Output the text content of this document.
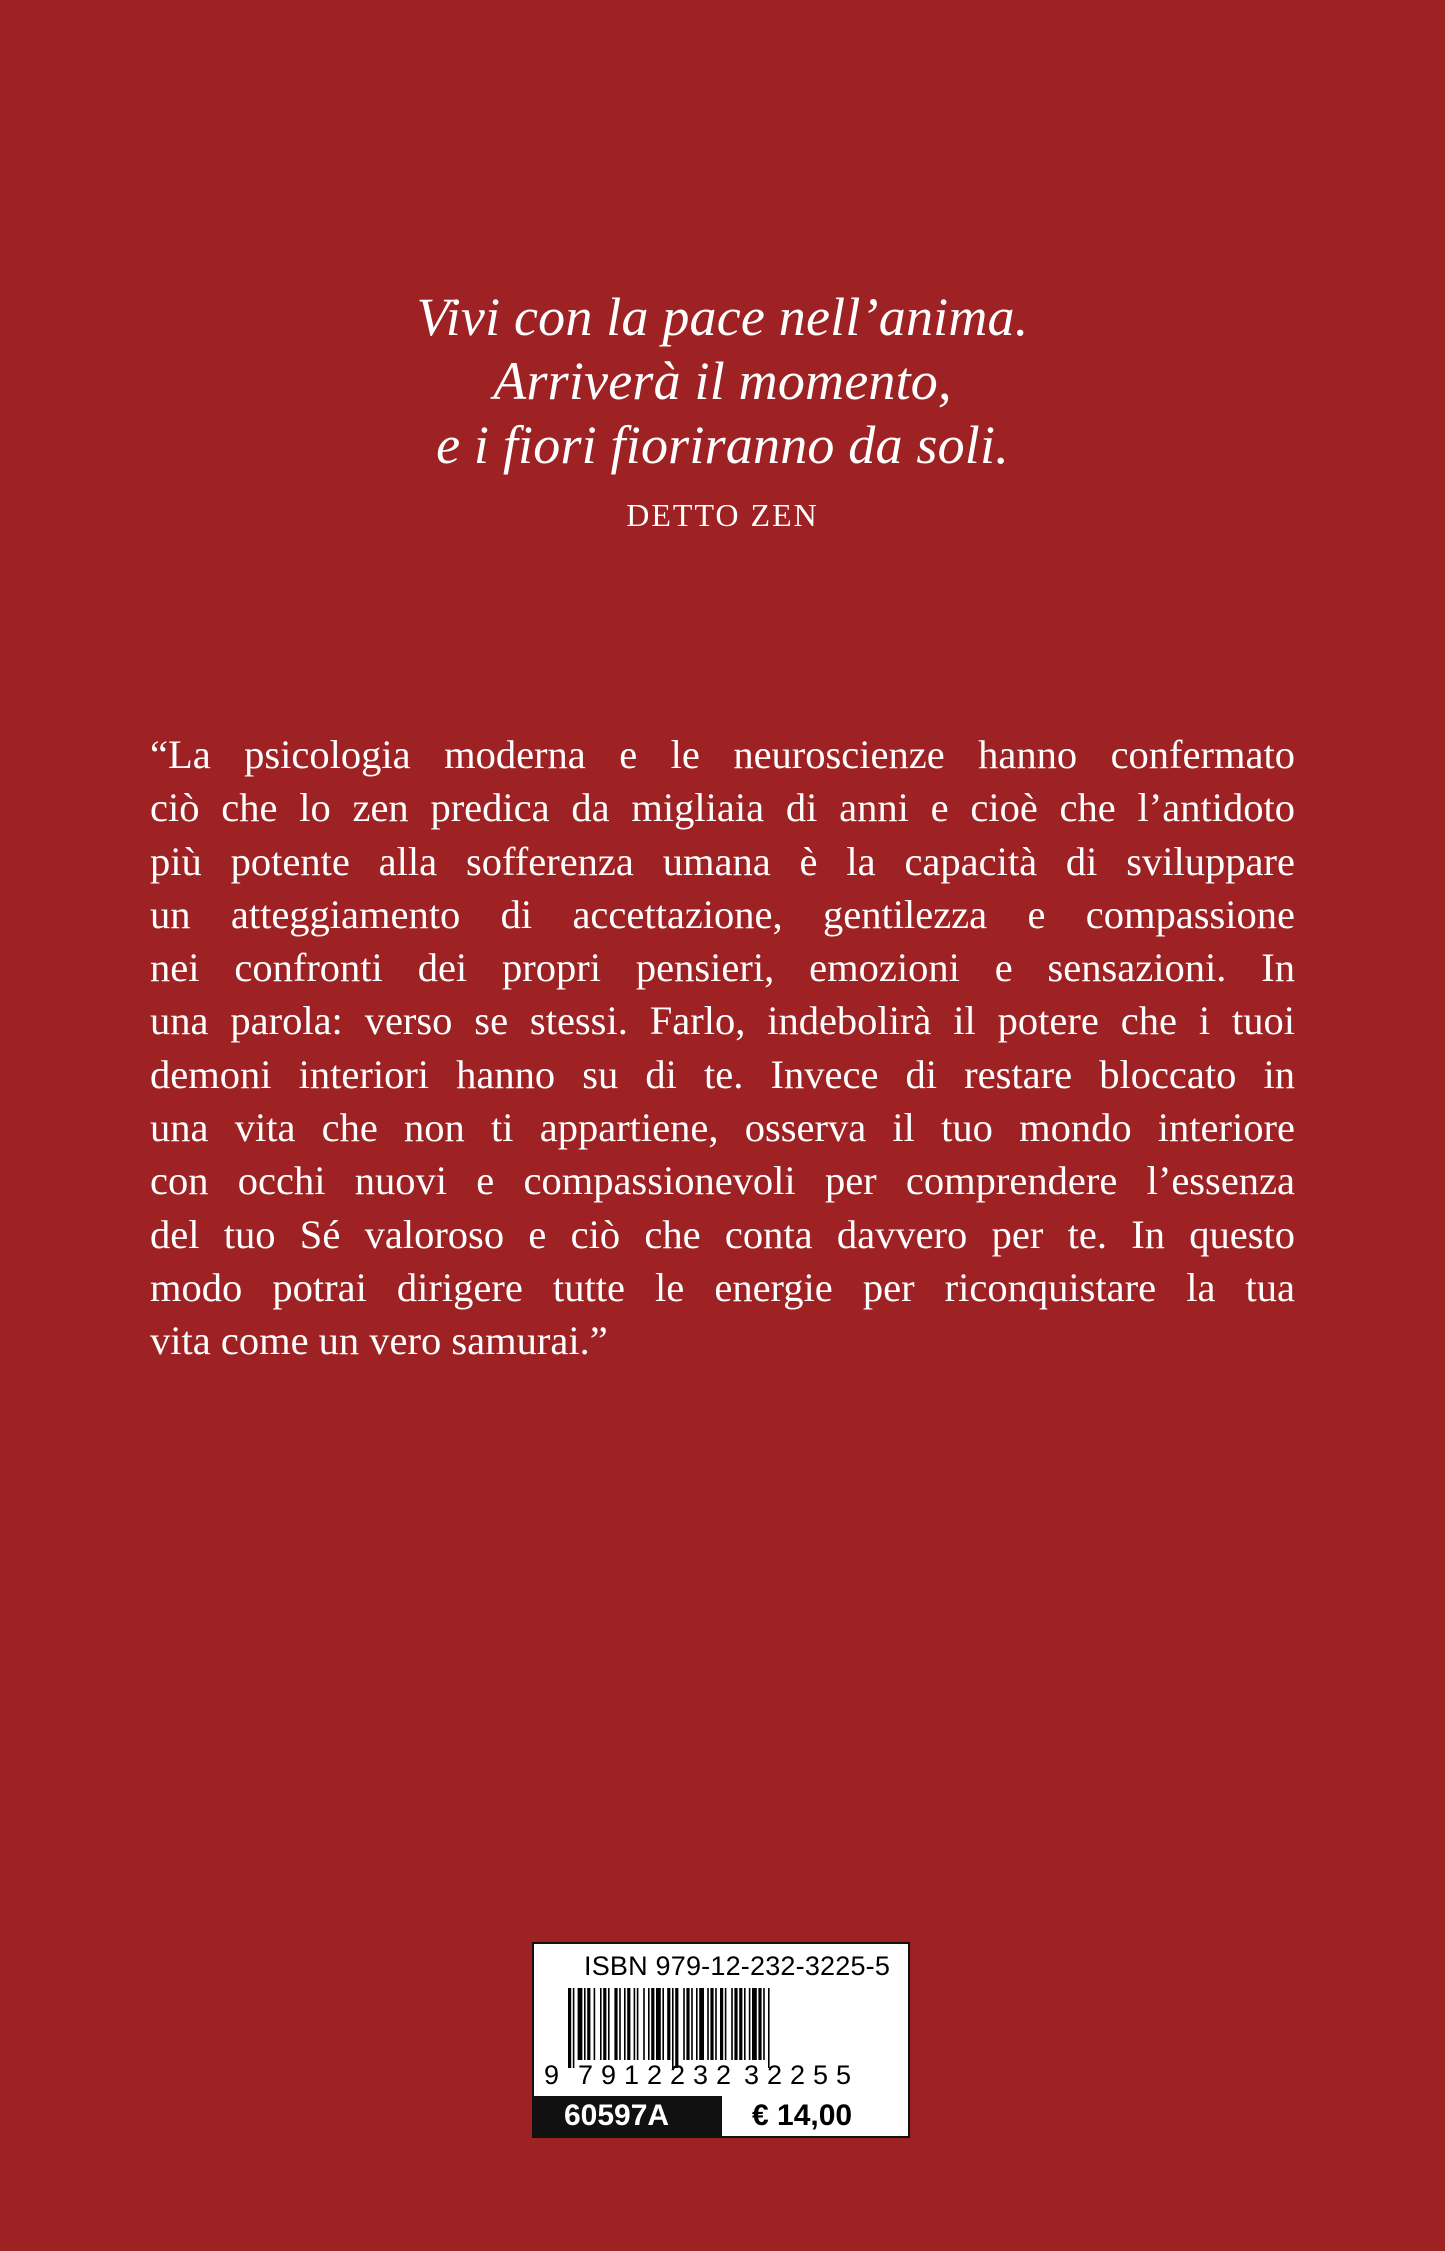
Vivi con la pace nell’anima.
Arriverà il momento,
e i fiori fioriranno da soli.
DETTO ZEN
“La psicologia moderna e le neuroscienze hanno confermato
ciò che lo zen predica da migliaia di anni e cioè che l’antidoto
più potente alla sofferenza umana è la capacità di sviluppare
un atteggiamento di accettazione, gentilezza e compassione
nei confronti dei propri pensieri, emozioni e sensazioni. In
una parola: verso se stessi. Farlo, indebolirà il potere che i tuoi
demoni interiori hanno su di te. Invece di restare bloccato in
una vita che non ti appartiene, osserva il tuo mondo interiore
con occhi nuovi e compassionevoli per comprendere l’essenza
del tuo Sé valoroso e ciò che conta davvero per te. In questo
modo potrai dirigere tutte le energie per riconquistare la tua
vita come un vero samurai.”
ISBN 979-12-232-3225-5
9 7 9 1 2 2 3 2 3 2 2 5 5
60597A	€ 14,00
